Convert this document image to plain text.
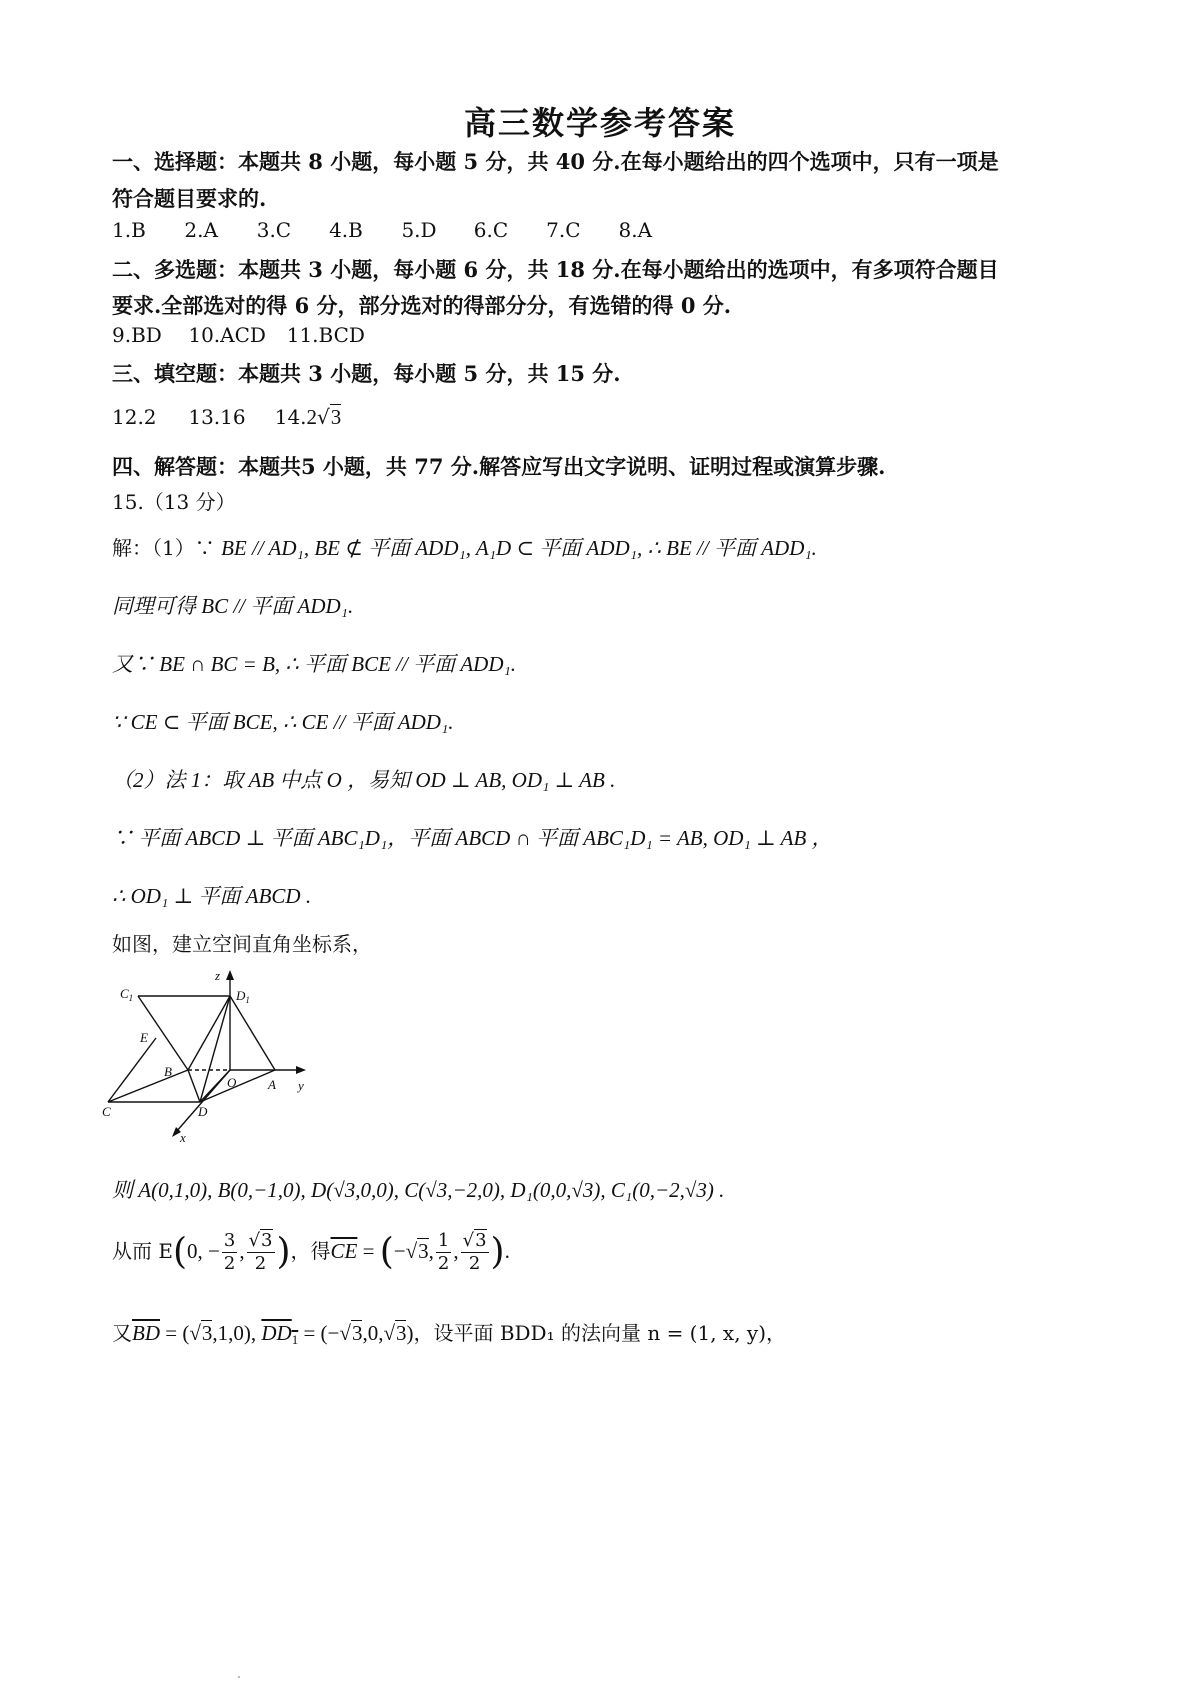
高三数学参考答案
一、选择题：本题共 8 小题，每小题 5 分，共 40 分.在每小题给出的四个选项中，只有一项是
符合题目要求的.
1.B 2.A 3.C 4.B 5.D 6.C 7.C 8.A
二、多选题：本题共 3 小题，每小题 6 分，共 18 分.在每小题给出的选项中，有多项符合题目
要求.全部选对的得 6 分，部分选对的得部分分，有选错的得 0 分.
9.BD 10.ACD 11.BCD
三、填空题：本题共 3 小题，每小题 5 分，共 15 分.
12.2 13.16 14.2√3
四、解答题：本题共5 小题，共 77 分.解答应写出文字说明、证明过程或演算步骤.
15.（13 分）
解：（1）∵ BE // AD₁, BE ⊄ 平面 ADD₁, A₁D ⊂ 平面 ADD₁, ∴ BE // 平面 ADD₁.
同理可得 BC // 平面 ADD₁.
又∵ BE ∩ BC = B, ∴ 平面 BCE // 平面 ADD₁.
∵ CE ⊂ 平面 BCE, ∴ CE // 平面 ADD₁.
（2）法 1：取 AB 中点 O ，易知 OD ⊥ AB, OD₁ ⊥ AB .
∵ 平面 ABCD ⊥ 平面 ABC₁D₁，平面 ABCD ∩ 平面 ABC₁D₁ = AB, OD₁ ⊥ AB ，
∴ OD₁ ⊥ 平面 ABCD .
如图，建立空间直角坐标系，
$C_1$	$D_1$
E
B
O A
C	D
x
y
z
则 A(0,1,0), B(0,−1,0), D(√3,0,0), C(√3,−2,0), D₁(0,0,√3), C₁(0,−2,√3) .
从而 E(0, − $\frac{3}{2}$ , $\frac{√3}{2}$ )，得$\overline{CE} = (-√3$, $\frac{1}{2}$ , $\frac{√3}{2}$ ).
又$\overline{BD} = (√3,1,0)$, $DD_1 = (-√3,0,√3)$，设平面 BDD₁ 的法向量 n = (1, x, y)，
